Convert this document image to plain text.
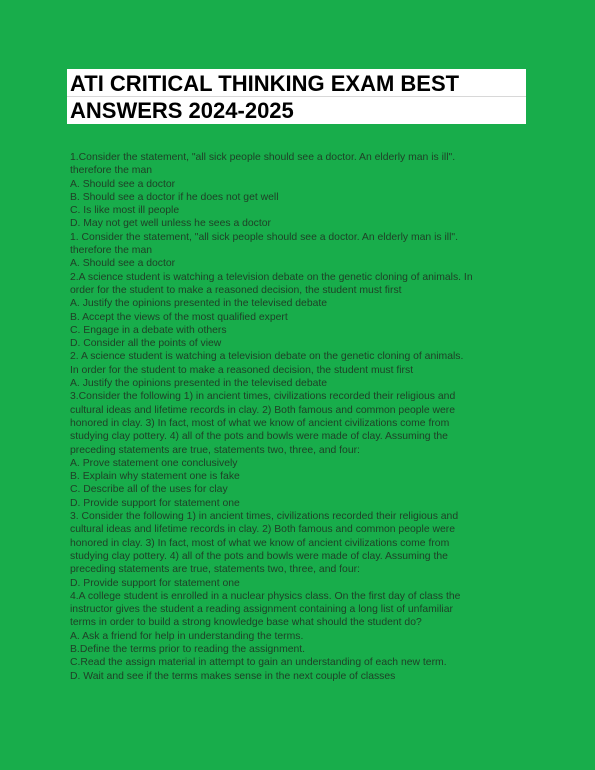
ATI CRITICAL THINKING EXAM BEST
ANSWERS 2024-2025
1.Consider the statement, "all sick people should see a doctor. An elderly man is ill".
therefore the man
A. Should see a doctor
B. Should see a doctor if he does not get well
C. Is like most ill people
D. May not get well unless he sees a doctor
1. Consider the statement, "all sick people should see a doctor. An elderly man is ill".
therefore the man
A. Should see a doctor
2.A science student is watching a television debate on the genetic cloning of animals. In
order for the student to make a reasoned decision, the student must first
A. Justify the opinions presented in the televised debate
B. Accept the views of the most qualified expert
C. Engage in a debate with others
D. Consider all the points of view
2. A science student is watching a television debate on the genetic cloning of animals.
In order for the student to make a reasoned decision, the student must first
A. Justify the opinions presented in the televised debate
3.Consider the following 1) in ancient times, civilizations recorded their religious and
cultural ideas and lifetime records in clay. 2) Both famous and common people were
honored in clay. 3) In fact, most of what we know of ancient civilizations come from
studying clay pottery. 4) all of the pots and bowls were made of clay. Assuming the
preceding statements are true, statements two, three, and four:
A. Prove statement one conclusively
B. Explain why statement one is fake
C. Describe all of the uses for clay
D. Provide support for statement one
3. Consider the following 1) in ancient times, civilizations recorded their religious and
cultural ideas and lifetime records in clay. 2) Both famous and common people were
honored in clay. 3) In fact, most of what we know of ancient civilizations come from
studying clay pottery. 4) all of the pots and bowls were made of clay. Assuming the
preceding statements are true, statements two, three, and four:
D. Provide support for statement one
4.A college student is enrolled in a nuclear physics class. On the first day of class the
instructor gives the student a reading assignment containing a long list of unfamiliar
terms in order to build a strong knowledge base what should the student do?
A. Ask a friend for help in understanding the terms.
B.Define the terms prior to reading the assignment.
C.Read the assign material in attempt to gain an understanding of each new term.
D. Wait and see if the terms makes sense in the next couple of classes
